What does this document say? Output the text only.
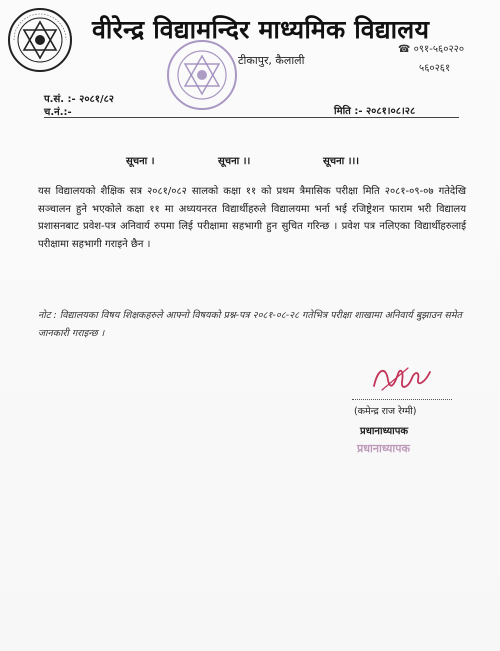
वीरेन्द्र विद्यामन्दिर माध्यमिक विद्यालय
टीकापुर, कैलाली
☎ ०९१-५६०२२०
५६०२६१
प.सं. :- २०८१/८२
च.नं.:-	मिति :- २०८१।०८।२८
सूचना ।	सूचना ।।	सूचना ।।।
यस विद्यालयको शैक्षिक सत्र २०८१/०८२ सालको कक्षा ११ को प्रथम त्रैमासिक परीक्षा मिति २०८१-०९-०७ गतेदेखि सञ्चालन हुने भएकोले कक्षा ११ मा अध्ययनरत विद्यार्थीहरुले विद्यालयमा भर्ना भई रजिष्ट्रेशन फाराम भरी विद्यालय प्रशासनबाट प्रवेश-पत्र अनिवार्य रुपमा लिई परीक्षामा सहभागी हुन सुचित गरिन्छ । प्रवेश पत्र नलिएका विद्यार्थीहरुलाई परीक्षामा सहभागी गराइने छैन ।
नोट : विद्यालयका विषय शिक्षकहरुले आफ्नो विषयको प्रश्न-पत्र २०८१-०८-२८ गतेभित्र परीक्षा शाखामा अनिवार्य बुझाउन समेत जानकारी गराइन्छ ।
(कमेन्द्र राज रेग्मी)
प्रधानाध्यापक
प्रधानाध्यापक
